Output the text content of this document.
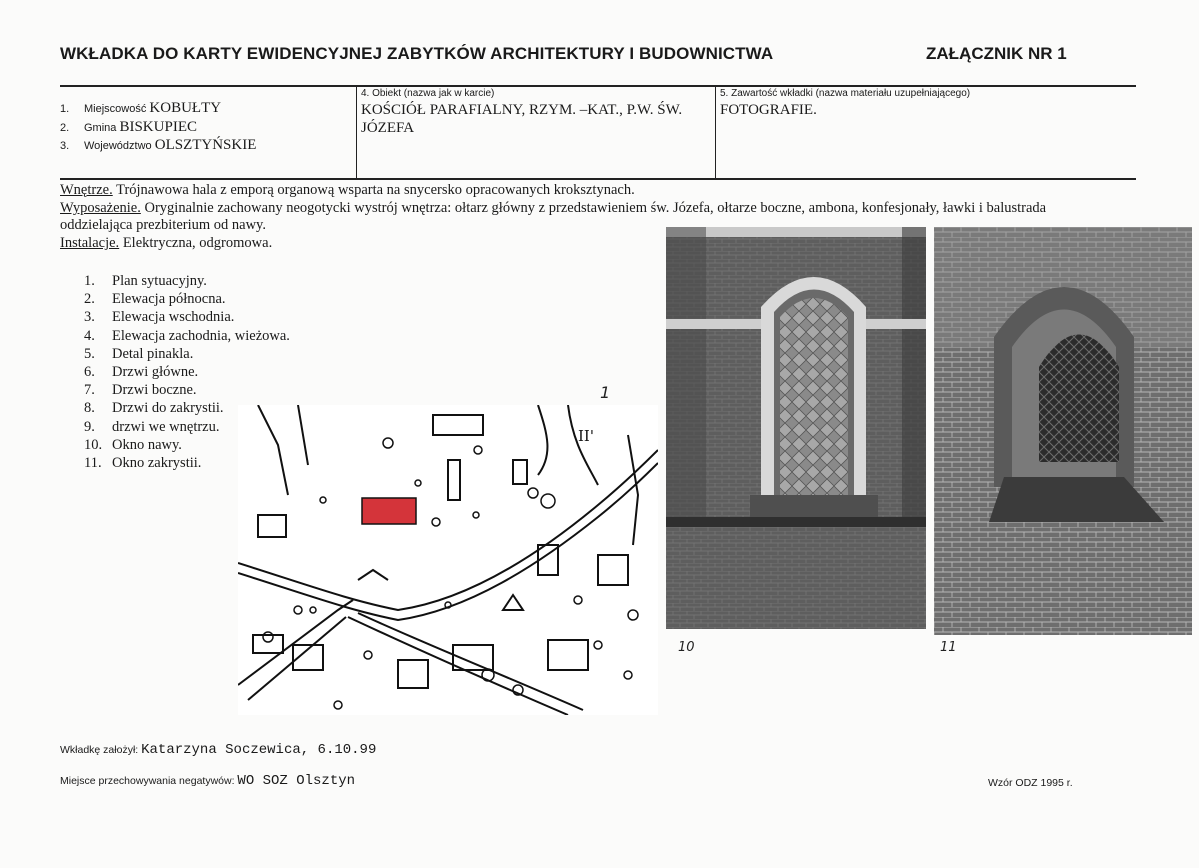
WKŁADKA DO KARTY EWIDENCYJNEJ ZABYTKÓW ARCHITEKTURY I BUDOWNICTWA	ZAŁĄCZNIK NR 1
1. Miejscowość KOBUŁTY
2. Gmina BISKUPIEC
3. Województwo OLSZTYŃSKIE
4. Obiekt (nazwa jak w karcie)
KOŚCIÓŁ PARAFIALNY, RZYM. –KAT., P.W. ŚW.
JÓZEFA
5. Zawartość wkładki (nazwa materiału uzupełniającego)
FOTOGRAFIE.
Wnętrze. Trójnawowa hala z emporą organową wsparta na snycersko opracowanych kroksztynach.
Wyposażenie. Oryginalnie zachowany neogotycki wystrój wnętrza: ołtarz główny z przedstawieniem św. Józefa, ołtarze boczne, ambona, konfesjonały, ławki i balustrada
oddzielająca prezbiterium od nawy.
Instalacje. Elektryczna, odgromowa.
1.	Plan sytuacyjny.
2.	Elewacja północna.
3.	Elewacja wschodnia.
4.	Elewacja zachodnia, wieżowa.
5.	Detal pinakla.
6.	Drzwi główne.
7.	Drzwi boczne.
8.	Drzwi do zakrystii.
9.	drzwi we wnętrzu.
10. Okno nawy.
11. Okno zakrystii.
1
II'
10	11
Wkładkę założył: Katarzyna Soczewica, 6.10.99
Miejsce przechowywania negatywów: WO SOZ Olsztyn	Wzór ODZ 1995 r.
